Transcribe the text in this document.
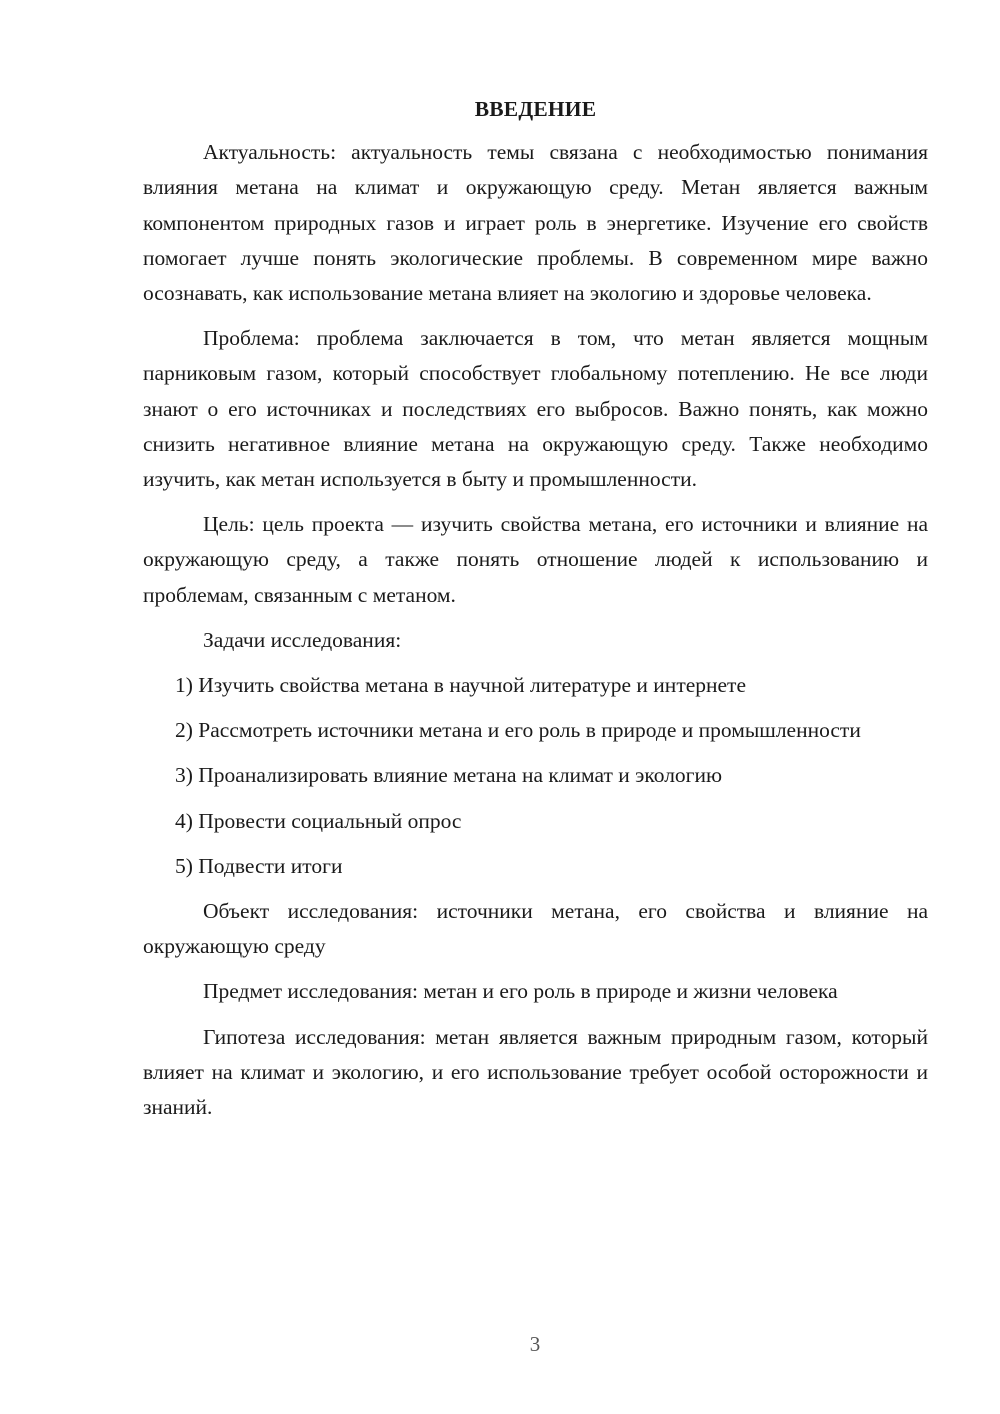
ВВЕДЕНИЕ

Актуальность: актуальность темы связана с необходимостью понимания влияния метана на климат и окружающую среду. Метан является важным компонентом природных газов и играет роль в энергетике. Изучение его свойств помогает лучше понять экологические проблемы. В современном мире важно осознавать, как использование метана влияет на экологию и здоровье человека.

Проблема: проблема заключается в том, что метан является мощным парниковым газом, который способствует глобальному потеплению. Не все люди знают о его источниках и последствиях его выбросов. Важно понять, как можно снизить негативное влияние метана на окружающую среду. Также необходимо изучить, как метан используется в быту и промышленности.

Цель: цель проекта — изучить свойства метана, его источники и влияние на окружающую среду, а также понять отношение людей к использованию и проблемам, связанным с метаном.

Задачи исследования:

1) Изучить свойства метана в научной литературе и интернете

2) Рассмотреть источники метана и его роль в природе и промышленности

3) Проанализировать влияние метана на климат и экологию

4) Провести социальный опрос

5) Подвести итоги

Объект исследования: источники метана, его свойства и влияние на окружающую среду

Предмет исследования: метан и его роль в природе и жизни человека

Гипотеза исследования: метан является важным природным газом, который влияет на климат и экологию, и его использование требует особой осторожности и знаний.

3
